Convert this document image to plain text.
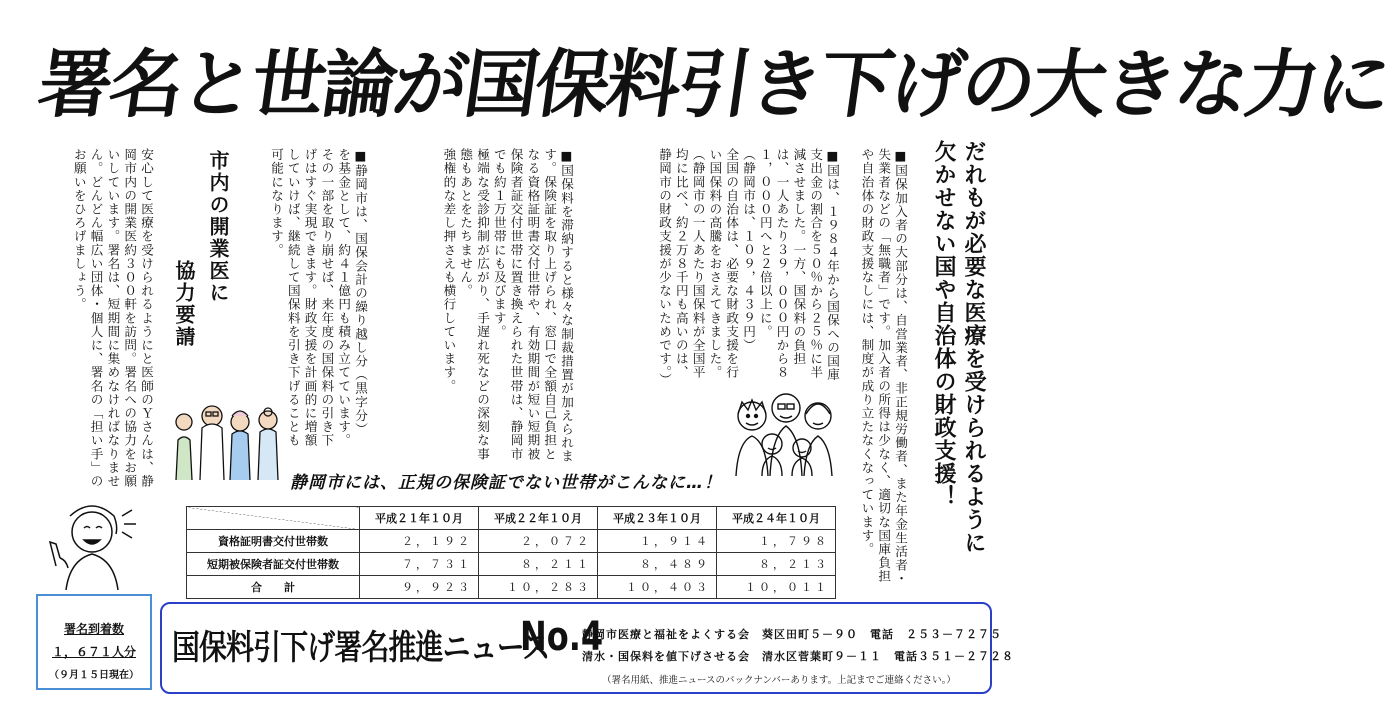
署名と世論が国保料引き下げの大きな力に
だれもが必要な医療を受けられるように
欠かせない国や自治体の財政支援！
■国保加入者の大部分は、自営業者、非正規労働者、また年金生活者・失業者などの「無職者」です。加入者の所得は少なく、適切な国庫負担や自治体の財政支援なしには、制度が成り立たなくなっています。
■国は、１９８４年から国保への国庫支出金の割合を５０％から２５％に半減させました。一方、国保料の負担は、一人あたり３９，０００円から８１，０００円へと２倍以上に。
（静岡市は、１０９，４３９円）
全国の自治体は、必要な財政支援を行い国保料の高騰をおさえてきました。（静岡市の一人あたり国保料が全国平均に比べ、約２万８千円も高いのは、静岡市の財政支援が少ないためです。）
■国保料を滞納すると様々な制裁措置が加えられます。保険証を取り上げられ、窓口で全額自己負担となる資格証明書交付世帯や、有効期間が短い短期被保険者証交付世帯に置き換えられた世帯は、静岡市でも約１万世帯にも及びます。
極端な受診抑制が広がり、手遅れ死などの深刻な事態もあとをたちません。
強権的な差し押さえも横行しています。
■静岡市は、国保会計の繰り越し分（黒字分）を基金として、約４１億円も積み立てています。
その一部を取り崩せば、来年度の国保料の引き下げはすぐ実現できます。財政支援を計画的に増額していけば、継続して国保料を引き下げることも可能になります。
市内の開業医に
協力要請
安心して医療を受けられるようにと医師のＹさんは、静岡市内の開業医約３００軒を訪問。署名への協力をお願いしています。署名は、短期間に集めなければなりません。どんどん幅広い団体・個人に、署名の「担い手」のお願いをひろげましょう。
静岡市には、正規の保険証でない世帯がこんなに…！
	平成２１年１０月	平成２２年１０月	平成２３年１０月	平成２４年１０月
資格証明書交付世帯数	２，１９２	２，０７２	１，９１４	１，７９８
短期被保険者証交付世帯数	７，７３１	８，２１１	８，４８９	８，２１３
合　　計	９，９２３	１０，２８３	１０，４０３	１０，０１１
署名到着数
１，６７１人分
（９月１５日現在）
国保料引下げ署名推進ニュース
No.4
静岡市医療と福祉をよくする会　葵区田町５－９０　電話　２５３－７２７５
清水・国保料を値下げさせる会　清水区菅葉町９－１１　電話３５１－２７２８
（署名用紙、推進ニュースのバックナンバーあります。上記までご連絡ください。）
